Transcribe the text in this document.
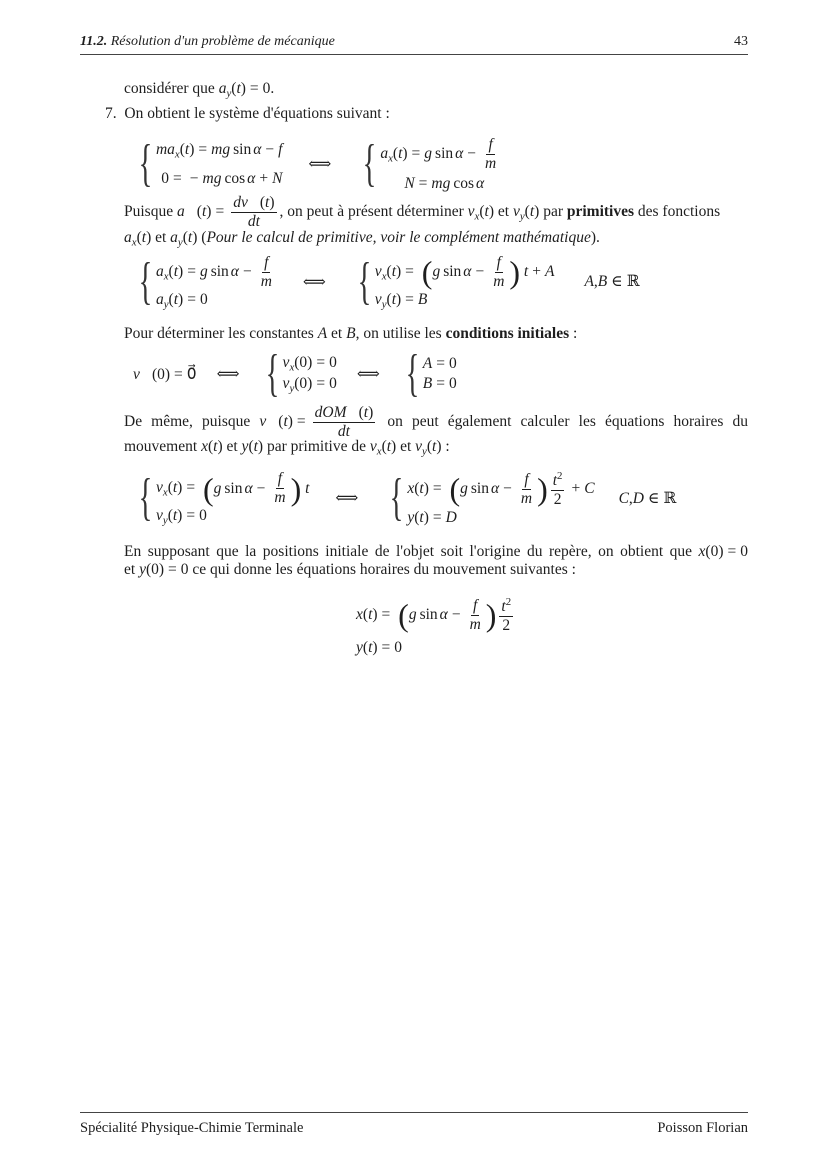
11.2. Résolution d'un problème de mécanique	43
considérer que $a_y(t) = 0$.
7. On obtient le système d'équations suivant :
{ $ma_x(t)$ = mg sin α − f
0 = − mg cos α + N
⟺ { $a_x(t) = g$ $\sin \alpha - \frac{f}{m}$
N = mg cos α
Puisque a⃗(t) = $\frac{dv⃗(t)}{dt}$ , on peut à présent déterminer $v_x(t)$ et $v_y(t)$ par primitives des fonctions
$a_x(t)$ et $a_y(t)$ (Pour le calcul de primitive, voir le complément mathématique).
{ $a_x(t) = g$ $\sin \alpha - \frac{f}{m}$
$a_y(t) = 0$
⟺ { $v_x(t)$ =
( g $\sin \alpha - \frac{f}{m}$ )
t + A
$v_y(t) = B$
A,B ∈ ℝ
Pour déterminer les constantes A et B, on utilise les conditions initiales :
v⃗(0) = 0⃗ ⟺ { $v_x(0) = 0$
$v_y(0) = 0$
⟺ { A = 0
B = 0
De même, puisque v⃗(t) = $\frac{\text{dOM⃗(t)}}{dt}$ on peut également calculer les équations horaires du
mouvement x(t) et y(t) par primitive de $v_x(t)$ et $v_y(t)$ :
{ $v_x(t)$ =
( g $\sin \alpha - \frac{f}{m}$ )
t
$v_y(t) = 0$
⟺ { x(t) =
( g $\sin \alpha - \frac{f}{m}$ ) $\frac{t^2}{2} + C$
y(t) = D
C,D ∈ ℝ
En supposant que la positions initiale de l'objet soit l'origine du repère, on obtient que x(0) = 0
et y(0) = 0 ce qui donne les équations horaires du mouvement suivantes :
x(t) =
( g $\sin \alpha - \frac{f}{m}$ ) $\frac{t^2}{2}$
y(t) = 0
Spécialité Physique-Chimie Terminale	Poisson Florian
